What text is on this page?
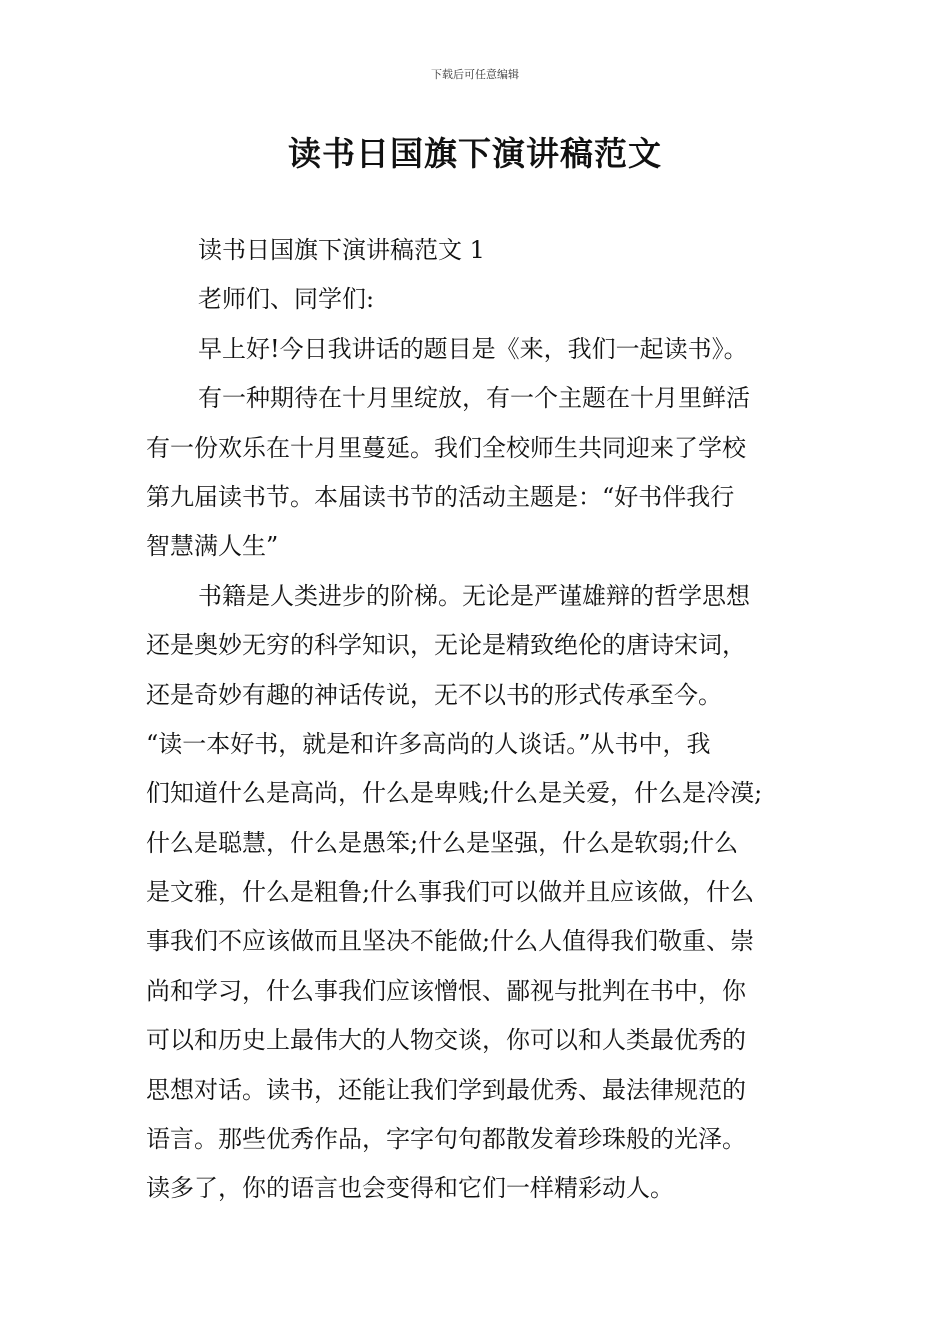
下载后可任意编辑
读书日国旗下演讲稿范文
读书日国旗下演讲稿范文 1
老师们、同学们:
早上好!今日我讲话的题目是《来，我们一起读书》。
有一种期待在十月里绽放，有一个主题在十月里鲜活
有一份欢乐在十月里蔓延。我们全校师生共同迎来了学校
第九届读书节。本届读书节的活动主题是：“好书伴我行
智慧满人生”
书籍是人类进步的阶梯。无论是严谨雄辩的哲学思想
还是奥妙无穷的科学知识，无论是精致绝伦的唐诗宋词，
还是奇妙有趣的神话传说，无不以书的形式传承至今。
“读一本好书，就是和许多高尚的人谈话。”从书中，我
们知道什么是高尚，什么是卑贱;什么是关爱，什么是冷漠;
什么是聪慧，什么是愚笨;什么是坚强，什么是软弱;什么
是文雅，什么是粗鲁;什么事我们可以做并且应该做，什么
事我们不应该做而且坚决不能做;什么人值得我们敬重、崇
尚和学习，什么事我们应该憎恨、鄙视与批判在书中，你
可以和历史上最伟大的人物交谈，你可以和人类最优秀的
思想对话。读书，还能让我们学到最优秀、最法律规范的
语言。那些优秀作品，字字句句都散发着珍珠般的光泽。
读多了，你的语言也会变得和它们一样精彩动人。
